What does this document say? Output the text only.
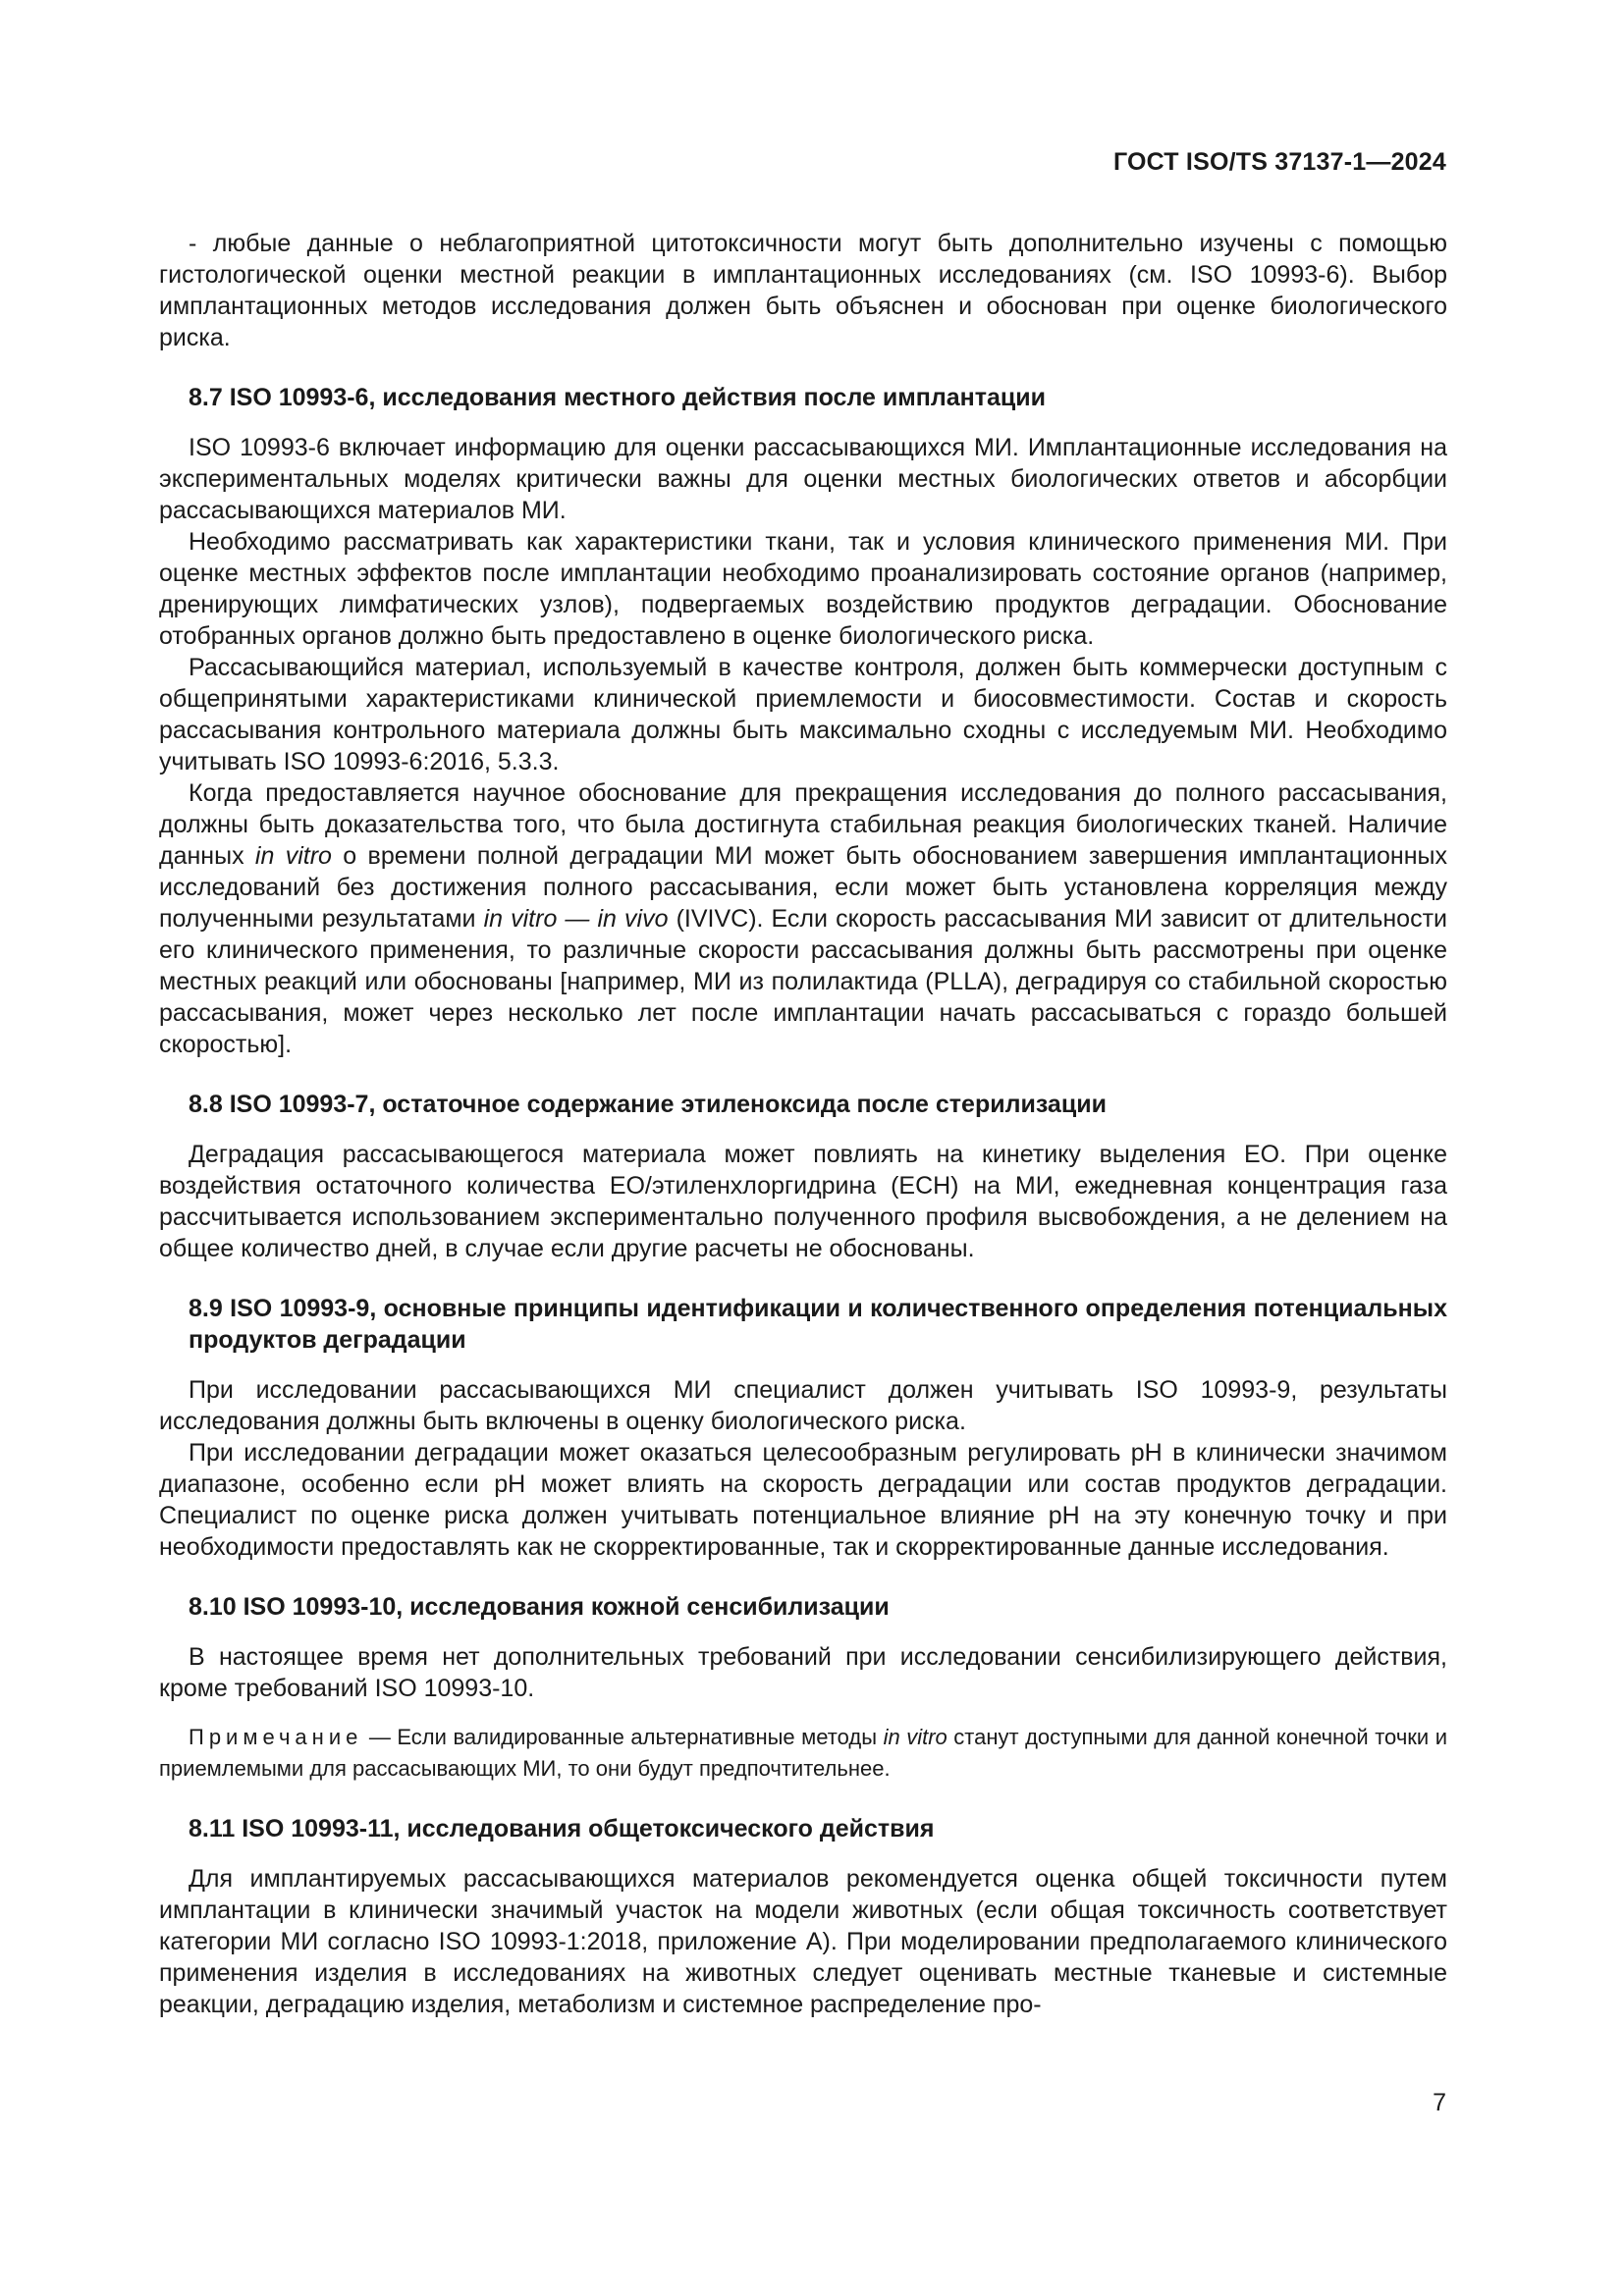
ГОСТ ISO/TS 37137-1—2024

- любые данные о неблагоприятной цитотоксичности могут быть дополнительно изучены с помощью гистологической оценки местной реакции в имплантационных исследованиях (см. ISO 10993-6). Выбор имплантационных методов исследования должен быть объяснен и обоснован при оценке биологического риска.

8.7 ISO 10993-6, исследования местного действия после имплантации

ISO 10993-6 включает информацию для оценки рассасывающихся МИ. Имплантационные исследования на экспериментальных моделях критически важны для оценки местных биологических ответов и абсорбции рассасывающихся материалов МИ.

Необходимо рассматривать как характеристики ткани, так и условия клинического применения МИ. При оценке местных эффектов после имплантации необходимо проанализировать состояние органов (например, дренирующих лимфатических узлов), подвергаемых воздействию продуктов деградации. Обоснование отобранных органов должно быть предоставлено в оценке биологического риска.

Рассасывающийся материал, используемый в качестве контроля, должен быть коммерчески доступным с общепринятыми характеристиками клинической приемлемости и биосовместимости. Состав и скорость рассасывания контрольного материала должны быть максимально сходны с исследуемым МИ. Необходимо учитывать ISO 10993-6:2016, 5.3.3.

Когда предоставляется научное обоснование для прекращения исследования до полного рассасывания, должны быть доказательства того, что была достигнута стабильная реакция биологических тканей. Наличие данных in vitro о времени полной деградации МИ может быть обоснованием завершения имплантационных исследований без достижения полного рассасывания, если может быть установлена корреляция между полученными результатами in vitro — in vivo (IVIVC). Если скорость рассасывания МИ зависит от длительности его клинического применения, то различные скорости рассасывания должны быть рассмотрены при оценке местных реакций или обоснованы [например, МИ из полилактида (PLLA), деградируя со стабильной скоростью рассасывания, может через несколько лет после имплантации начать рассасываться с гораздо большей скоростью].

8.8 ISO 10993-7, остаточное содержание этиленоксида после стерилизации

Деградация рассасывающегося материала может повлиять на кинетику выделения ЕО. При оценке воздействия остаточного количества ЕО/этиленхлоргидрина (ЕСН) на МИ, ежедневная концентрация газа рассчитывается использованием экспериментально полученного профиля высвобождения, а не делением на общее количество дней, в случае если другие расчеты не обоснованы.

8.9 ISO 10993-9, основные принципы идентификации и количественного определения потенциальных продуктов деградации

При исследовании рассасывающихся МИ специалист должен учитывать ISO 10993-9, результаты исследования должны быть включены в оценку биологического риска.

При исследовании деградации может оказаться целесообразным регулировать pH в клинически значимом диапазоне, особенно если pH может влиять на скорость деградации или состав продуктов деградации. Специалист по оценке риска должен учитывать потенциальное влияние pH на эту конечную точку и при необходимости предоставлять как не скорректированные, так и скорректированные данные исследования.

8.10 ISO 10993-10, исследования кожной сенсибилизации

В настоящее время нет дополнительных требований при исследовании сенсибилизирующего действия, кроме требований ISO 10993-10.

Примечание — Если валидированные альтернативные методы in vitro станут доступными для данной конечной точки и приемлемыми для рассасывающих МИ, то они будут предпочтительнее.

8.11 ISO 10993-11, исследования общетоксического действия

Для имплантируемых рассасывающихся материалов рекомендуется оценка общей токсичности путем имплантации в клинически значимый участок на модели животных (если общая токсичность соответствует категории МИ согласно ISO 10993-1:2018, приложение А). При моделировании предполагаемого клинического применения изделия в исследованиях на животных следует оценивать местные тканевые и системные реакции, деградацию изделия, метаболизм и системное распределение про-

7
